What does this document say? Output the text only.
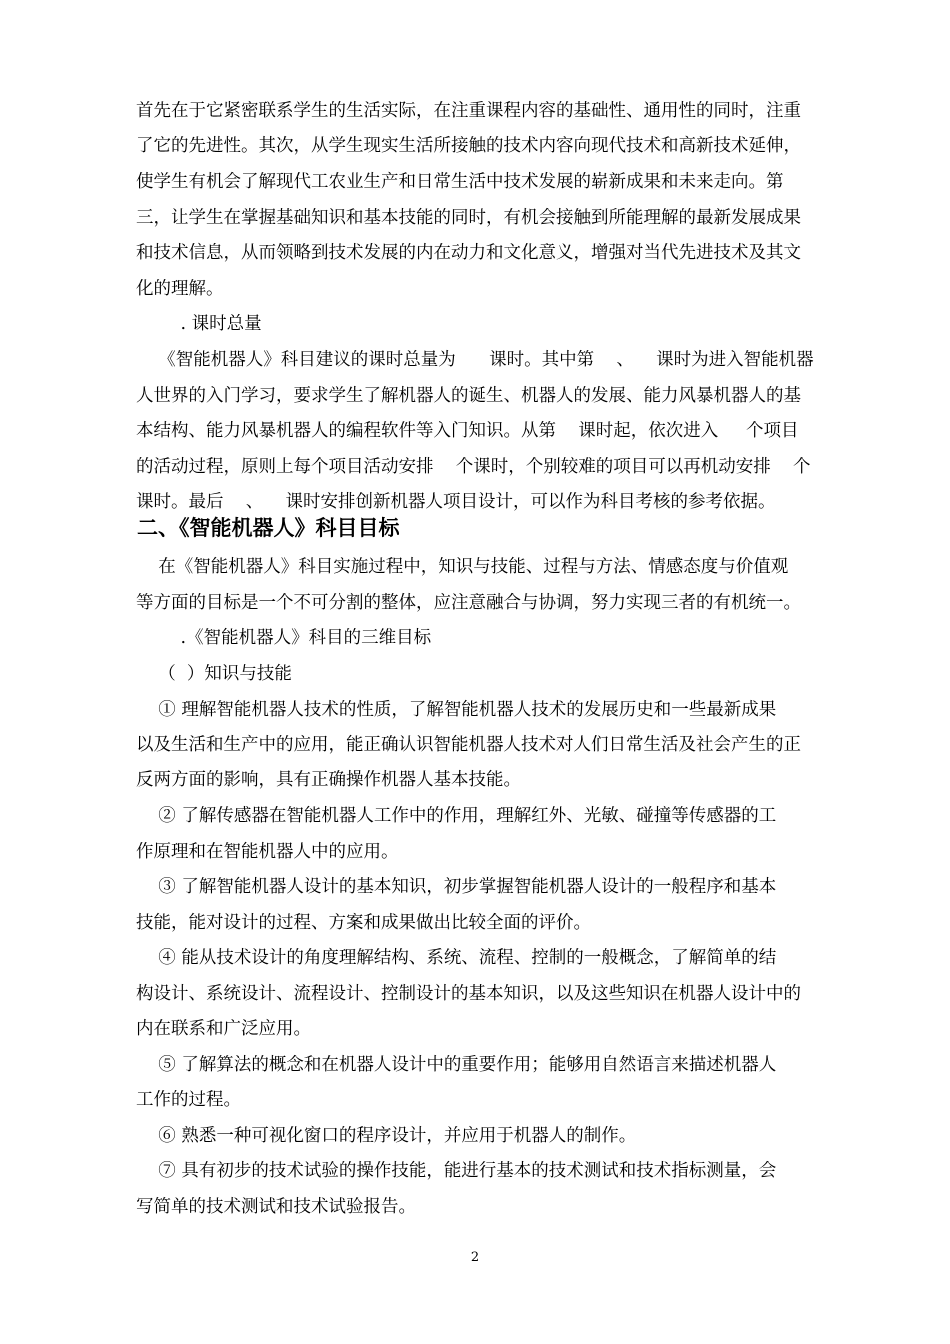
首先在于它紧密联系学生的生活实际，在注重课程内容的基础性、通用性的同时，注重
了它的先进性。其次，从学生现实生活所接触的技术内容向现代技术和高新技术延伸，
使学生有机会了解现代工农业生产和日常生活中技术发展的崭新成果和未来走向。第
三，让学生在掌握基础知识和基本技能的同时，有机会接触到所能理解的最新发展成果
和技术信息，从而领略到技术发展的内在动力和文化意义，增强对当代先进技术及其文
化的理解。
. 课时总量
《智能机器人》科目建议的课时总量为      课时。其中第    、    课时为进入智能机器
人世界的入门学习，要求学生了解机器人的诞生、机器人的发展、能力风暴机器人的基
本结构、能力风暴机器人的编程软件等入门知识。从第    课时起，依次进入     个项目
的活动过程，原则上每个项目活动安排    个课时，个别较难的项目可以再机动安排    个
课时。最后    、    课时安排创新机器人项目设计，可以作为科目考核的参考依据。
二、《智能机器人》科目目标
在《智能机器人》科目实施过程中，知识与技能、过程与方法、情感态度与价值观
等方面的目标是一个不可分割的整体，应注意融合与协调，努力实现三者的有机统一。
.《智能机器人》科目的三维目标
（  ）知识与技能
① 理解智能机器人技术的性质，了解智能机器人技术的发展历史和一些最新成果
以及生活和生产中的应用，能正确认识智能机器人技术对人们日常生活及社会产生的正
反两方面的影响，具有正确操作机器人基本技能。
② 了解传感器在智能机器人工作中的作用，理解红外、光敏、碰撞等传感器的工
作原理和在智能机器人中的应用。
③ 了解智能机器人设计的基本知识，初步掌握智能机器人设计的一般程序和基本
技能，能对设计的过程、方案和成果做出比较全面的评价。
④ 能从技术设计的角度理解结构、系统、流程、控制的一般概念，了解简单的结
构设计、系统设计、流程设计、控制设计的基本知识，以及这些知识在机器人设计中的
内在联系和广泛应用。
⑤ 了解算法的概念和在机器人设计中的重要作用；能够用自然语言来描述机器人
工作的过程。
⑥ 熟悉一种可视化窗口的程序设计，并应用于机器人的制作。
⑦ 具有初步的技术试验的操作技能，能进行基本的技术测试和技术指标测量，会
写简单的技术测试和技术试验报告。
2
